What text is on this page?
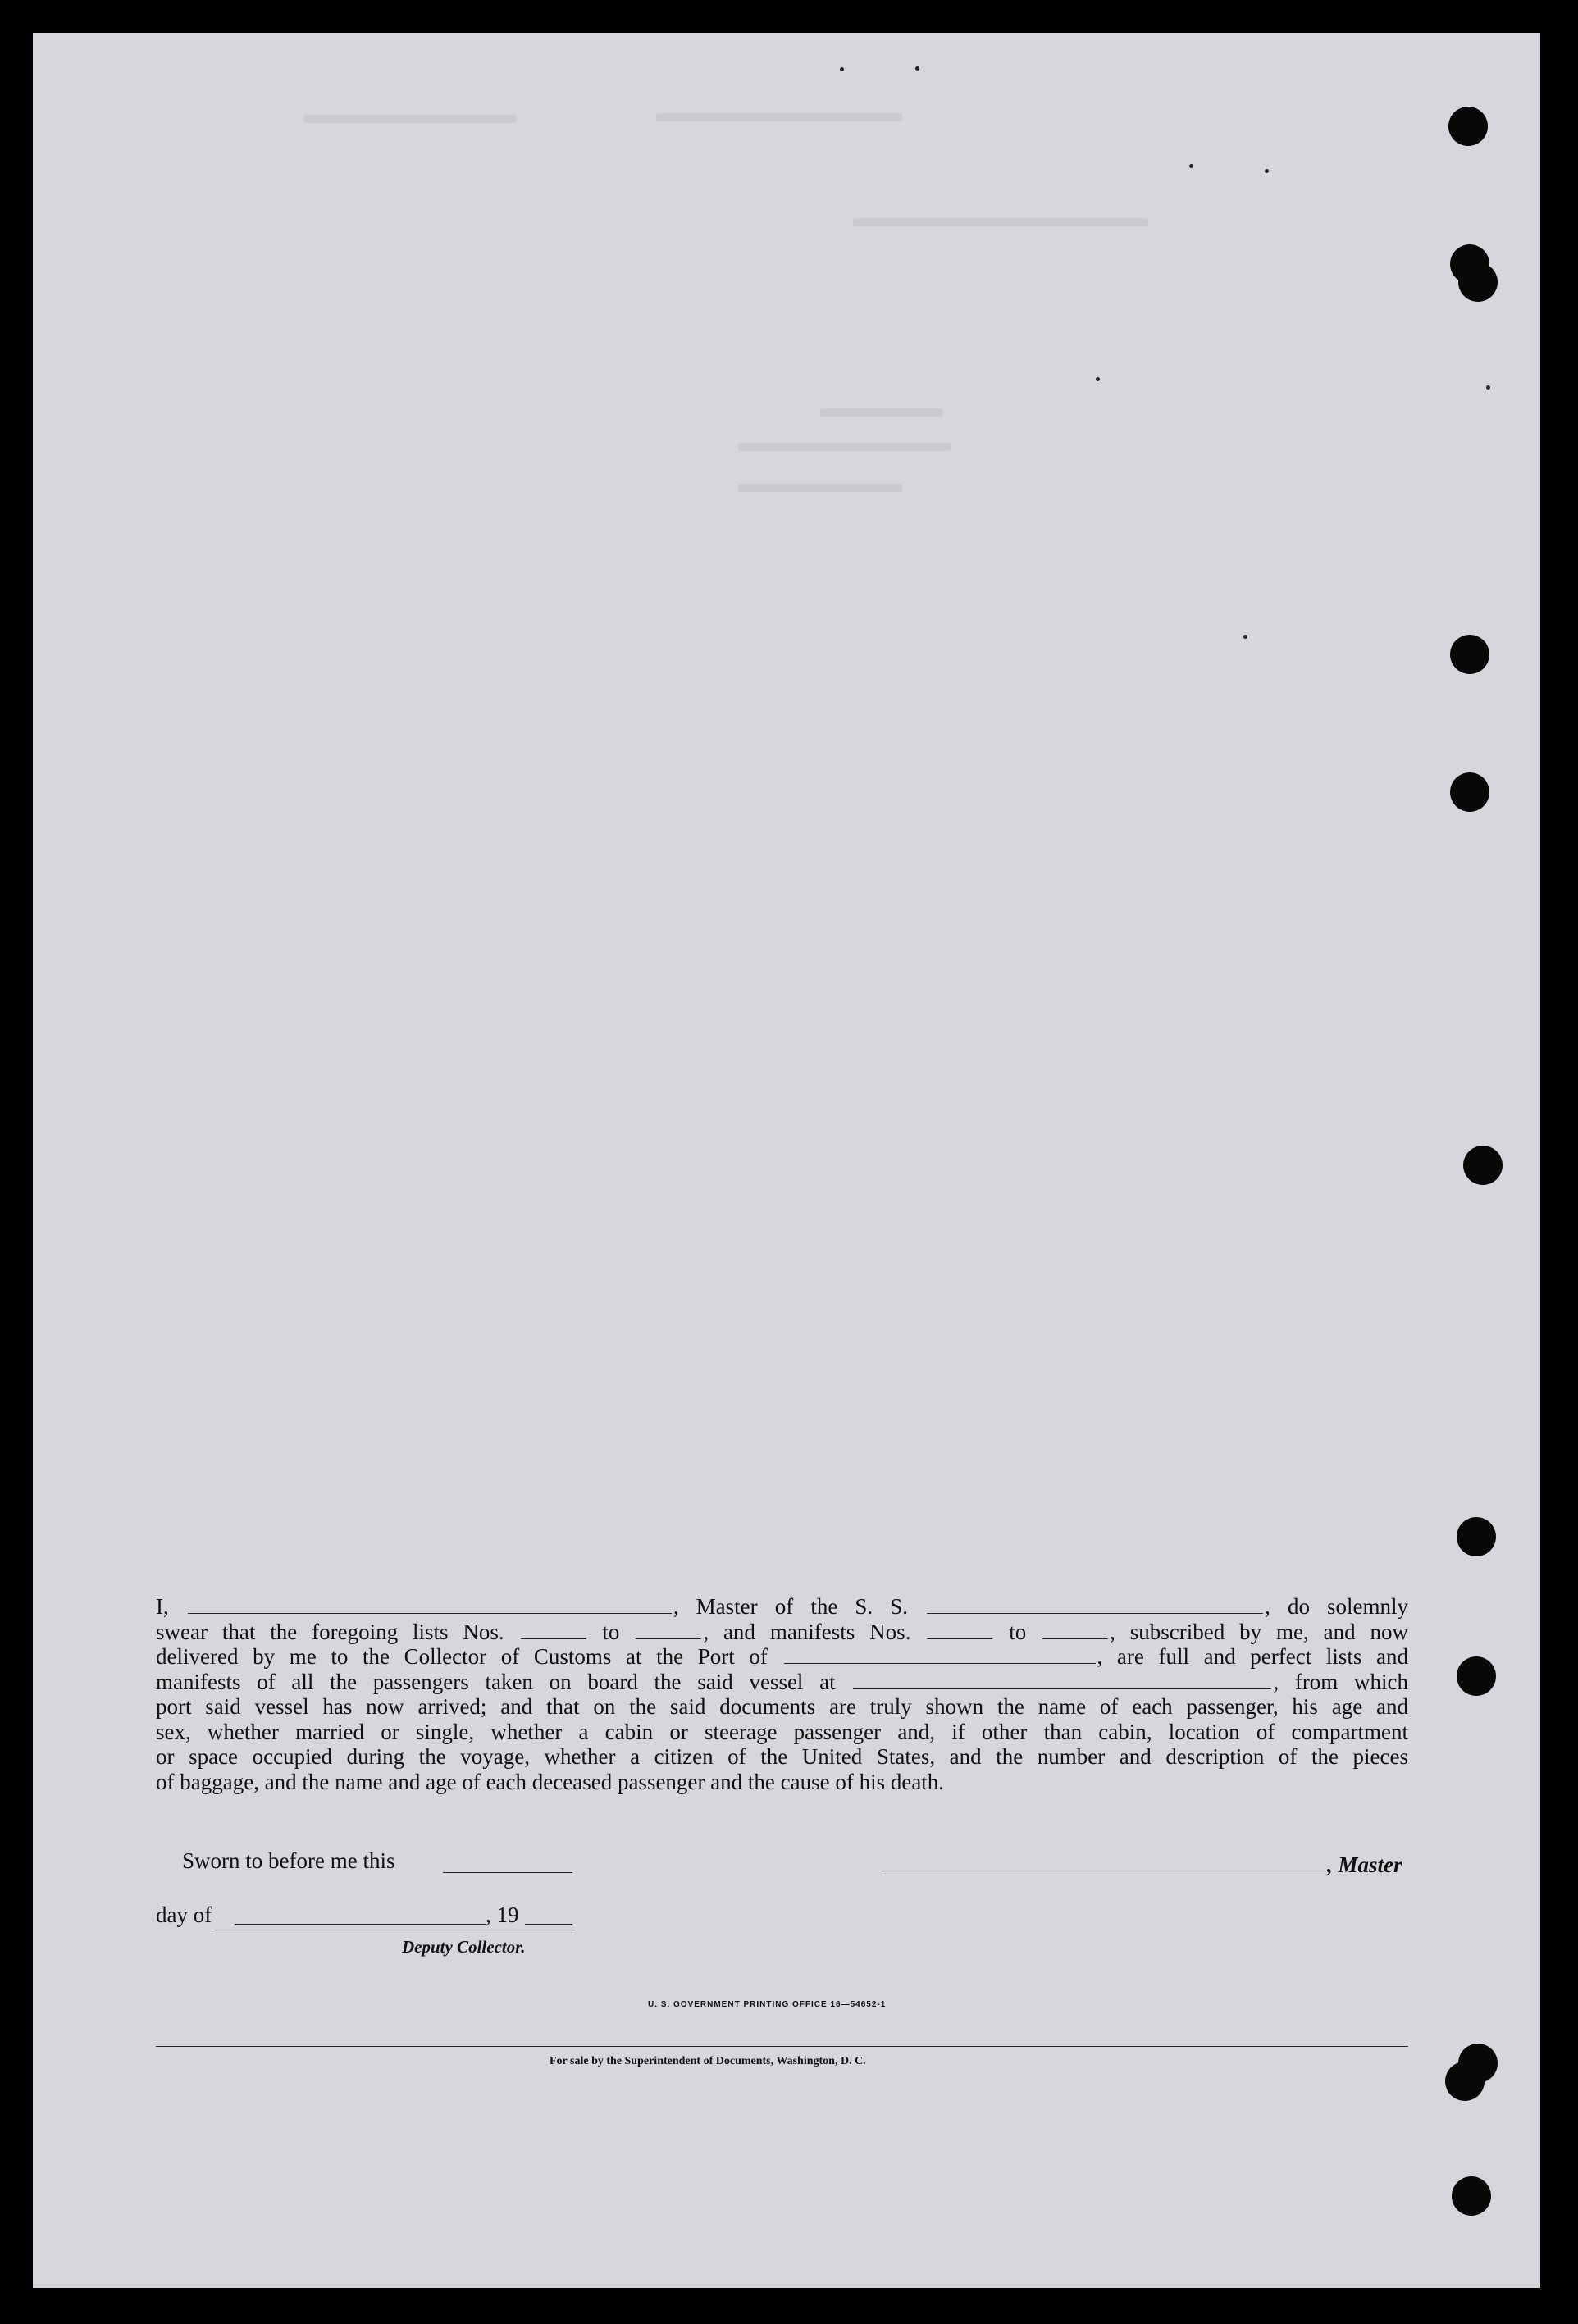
I,	, Master of the S. S.	, do solemnly

swear that the foregoing lists Nos.	to	, and manifests Nos.	to	, subscribed by me, and now

delivered by me to the Collector of Customs at the Port of	, are full and perfect lists and

manifests of all the passengers taken on board the said vessel at	, from which

port said vessel has now arrived; and that on the said documents are truly shown the name of each passenger, his age and

sex, whether married or single, whether a cabin or steerage passenger and, if other than cabin, location of compartment

or space occupied during the voyage, whether a citizen of the United States, and the number and description of the pieces

of baggage, and the name and age of each deceased passenger and the cause of his death.

Sworn to before me this	, Master
day of	, 19
Deputy Collector.
U. S. GOVERNMENT PRINTING OFFICE 16—54652-1
For sale by the Superintendent of Documents, Washington, D. C.
